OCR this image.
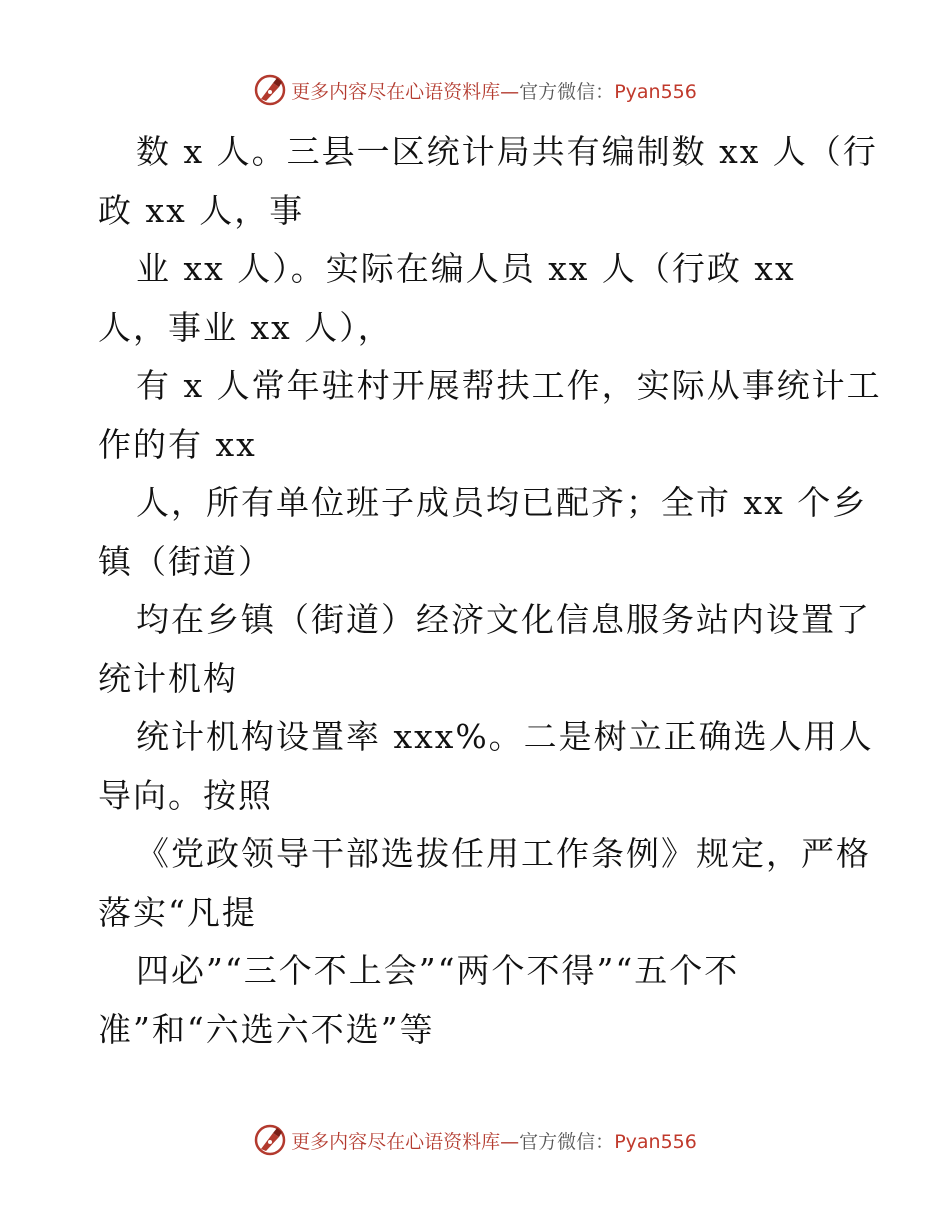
更多内容尽在心语资料库—官方微信：Pyan556
数 x 人。三县一区统计局共有编制数 xx 人（行
政 xx 人，事
业 xx 人）。实际在编人员 xx 人（行政 xx
人，事业 xx 人），
有 x 人常年驻村开展帮扶工作，实际从事统计工
作的有 xx
人，所有单位班子成员均已配齐；全市 xx 个乡
镇（街道）
均在乡镇（街道）经济文化信息服务站内设置了
统计机构
统计机构设置率 xxx%。二是树立正确选人用人
导向。按照
《党政领导干部选拔任用工作条例》规定，严格
落实“凡提
四必”“三个不上会”“两个不得”“五个不
准”和“六选六不选”等
更多内容尽在心语资料库—官方微信：Pyan556
